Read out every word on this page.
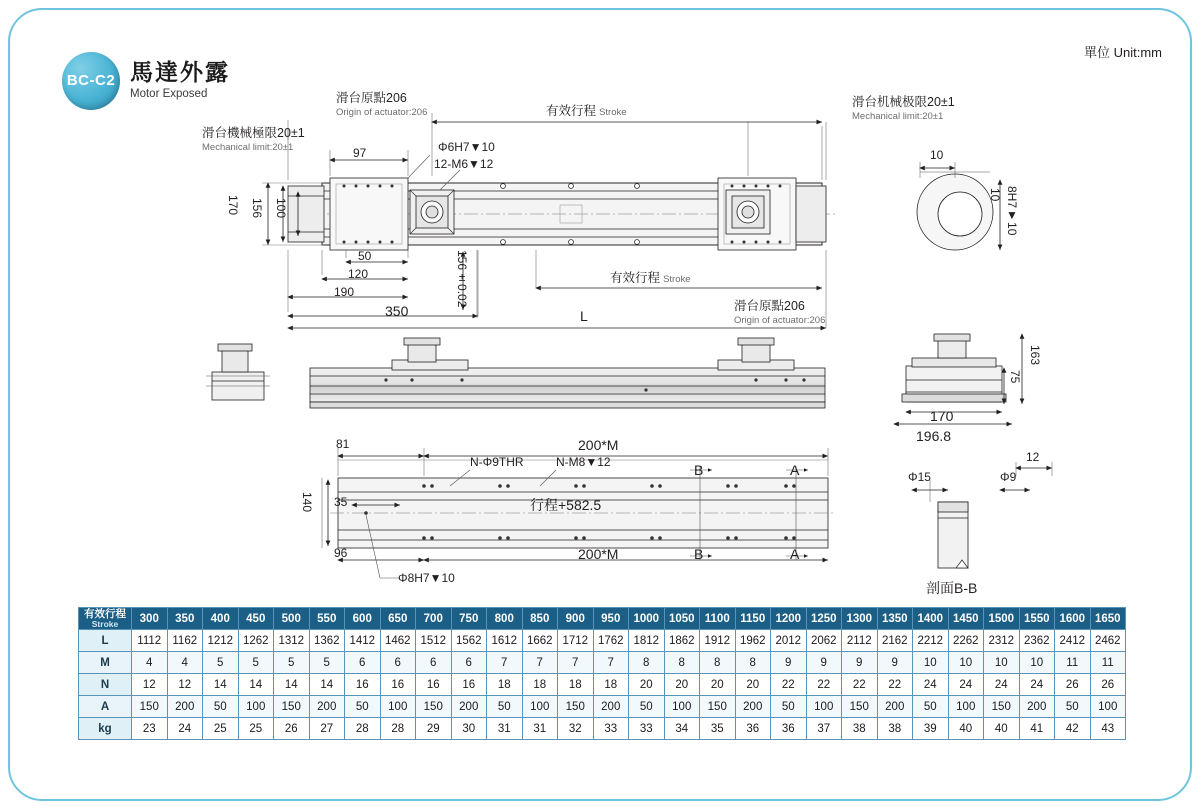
單位 Unit:mm
BC-C2 馬達外露
Motor Exposed	滑台原點206
Origin of actuator:206	有效行程 Stroke
滑台机械极限20±1
Mechanical limit:20±1
滑台機械極限20±1
Mechanical limit:20±1	Φ6H7▼10
12-M6▼12
有效行程 Stroke
滑台原點206
Origin of actuator:206
97
170 156 100
50
120
190
350
156±0.02
L
10
8H7▼10
10
163
75
170
196.8
81	200*M
N-Φ9THR	N-M8▼12
140 35
96	200*M
行程+582.5
B
B
A
A
Φ8H7▼10
Φ15	Φ9
12
剖面B-B
有效行程
Stroke	300	350	400	450	500	550	600	650	700	750	800	850	900	950	1000	1050	1100	1150	1200	1250	1300	1350	1400	1450	1500	1550	1600	1650
L	1112	1162	1212	1262	1312	1362	1412	1462	1512	1562	1612	1662	1712	1762	1812	1862	1912	1962	2012	2062	2112	2162	2212	2262	2312	2362	2412	2462
M	4	4	5	5	5	5	6	6	6	6	7	7	7	7	8	8	8	8	9	9	9	9	10	10	10	10	11	11
N	12	12	14	14	14	14	16	16	16	16	18	18	18	18	20	20	20	20	22	22	22	22	24	24	24	24	26	26
A	150	200	50	100	150	200	50	100	150	200	50	100	150	200	50	100	150	200	50	100	150	200	50	100	150	200	50	100
kg	23	24	25	25	26	27	28	28	29	30	31	31	32	33	33	34	35	36	36	37	38	38	39	40	40	41	42	43
